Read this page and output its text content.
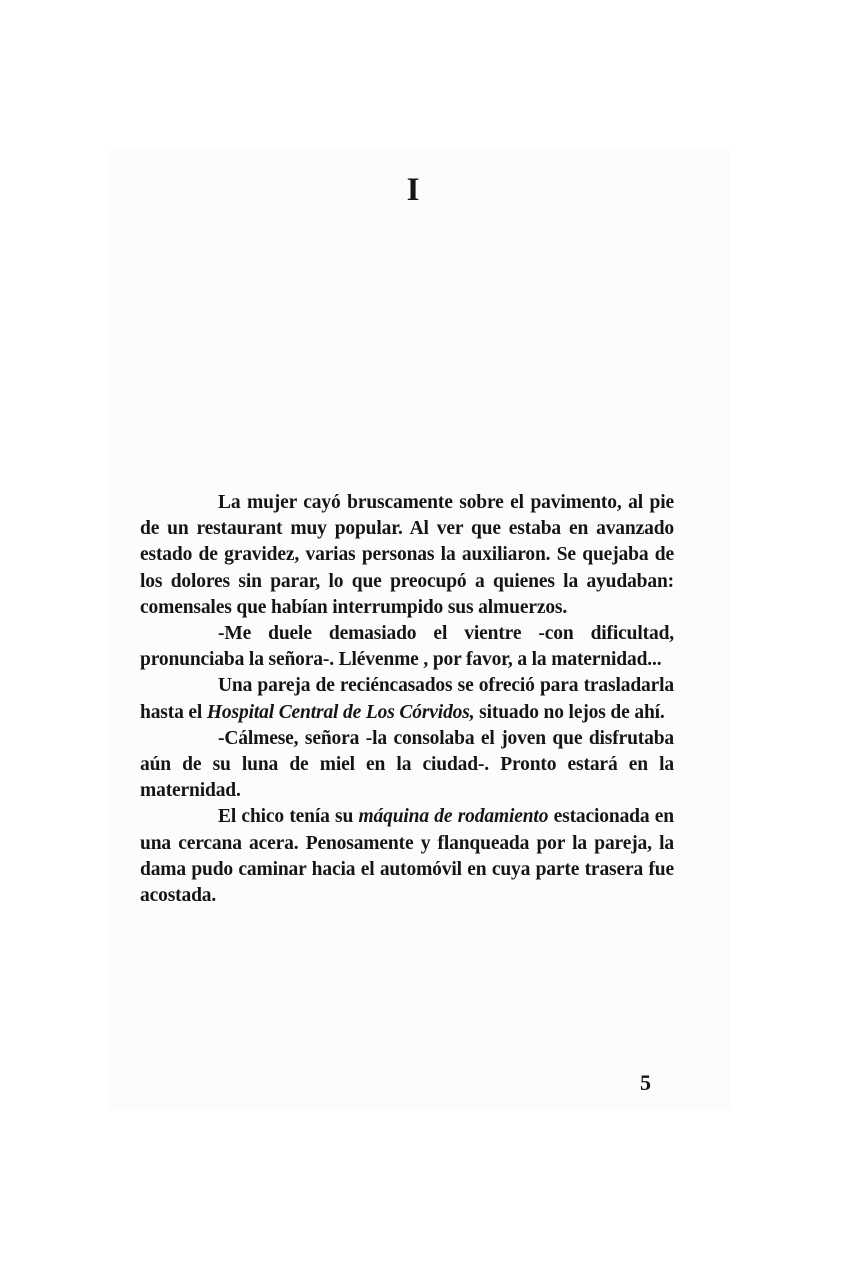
I

La mujer cayó bruscamente sobre el pavimento, al pie de un restaurant muy popular. Al ver que estaba en avanzado estado de gravidez, varias personas la auxiliaron. Se quejaba de los dolores sin parar, lo que preocupó a quienes la ayudaban: comensales que habían interrumpido sus almuerzos.

-Me duele demasiado el vientre -con dificultad, pronunciaba la señora-. Llévenme , por favor, a la maternidad...

Una pareja de reciéncasados se ofreció para trasladarla hasta el Hospital Central de Los Córvidos, situado no lejos de ahí.

-Cálmese, señora -la consolaba el joven que disfrutaba aún de su luna de miel en la ciudad-. Pronto estará en la maternidad.

El chico tenía su máquina de rodamiento estacionada en una cercana acera. Penosamente y flanqueada por la pareja, la dama pudo caminar hacia el automóvil en cuya parte trasera fue acostada.

5
